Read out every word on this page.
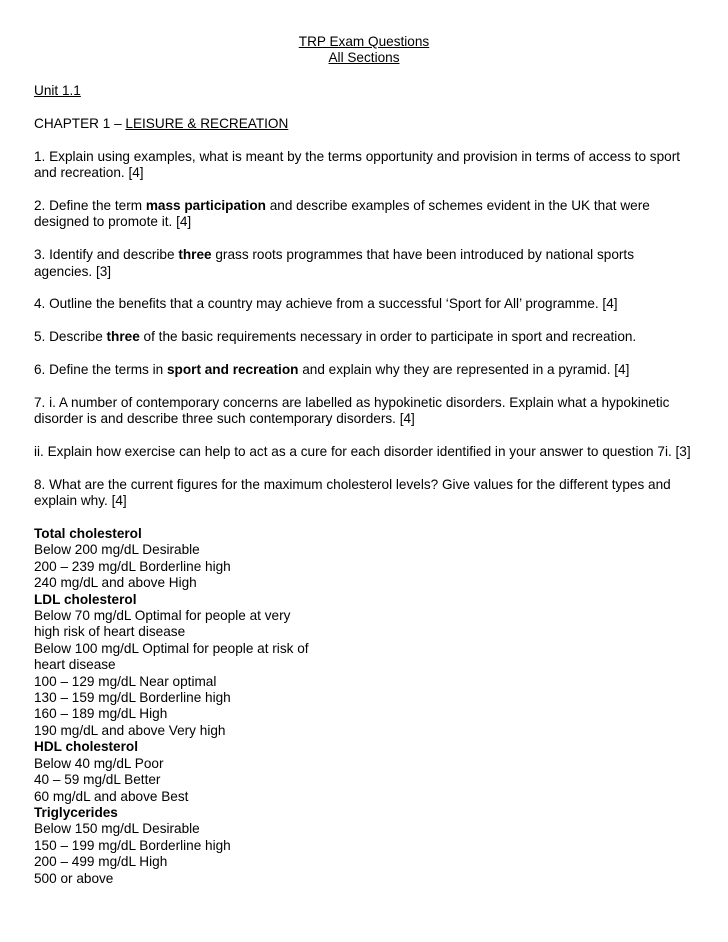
TRP Exam Questions

All Sections

Unit 1.1

CHAPTER 1 – LEISURE & RECREATION

1. Explain using examples, what is meant by the terms opportunity and provision in terms of access to sport and recreation. [4]

2. Define the term mass participation and describe examples of schemes evident in the UK that were designed to promote it. [4]

3. Identify and describe three grass roots programmes that have been introduced by national sports agencies. [3]

4. Outline the benefits that a country may achieve from a successful ‘Sport for All’ programme. [4]

5. Describe three of the basic requirements necessary in order to participate in sport and recreation.

6. Define the terms in sport and recreation and explain why they are represented in a pyramid. [4]

7. i. A number of contemporary concerns are labelled as hypokinetic disorders. Explain what a hypokinetic disorder is and describe three such contemporary disorders. [4]

ii. Explain how exercise can help to act as a cure for each disorder identified in your answer to question 7i. [3]

8. What are the current figures for the maximum cholesterol levels? Give values for the different types and explain why. [4]

Total cholesterol
Below 200 mg/dL Desirable
200 – 239 mg/dL Borderline high
240 mg/dL and above High
LDL cholesterol
Below 70 mg/dL Optimal for people at very
high risk of heart disease
Below 100 mg/dL Optimal for people at risk of
heart disease
100 – 129 mg/dL Near optimal
130 – 159 mg/dL Borderline high
160 – 189 mg/dL High
190 mg/dL and above Very high
HDL cholesterol
Below 40 mg/dL Poor
40 – 59 mg/dL Better
60 mg/dL and above Best
Triglycerides
Below 150 mg/dL Desirable
150 – 199 mg/dL Borderline high
200 – 499 mg/dL High
500 or above
